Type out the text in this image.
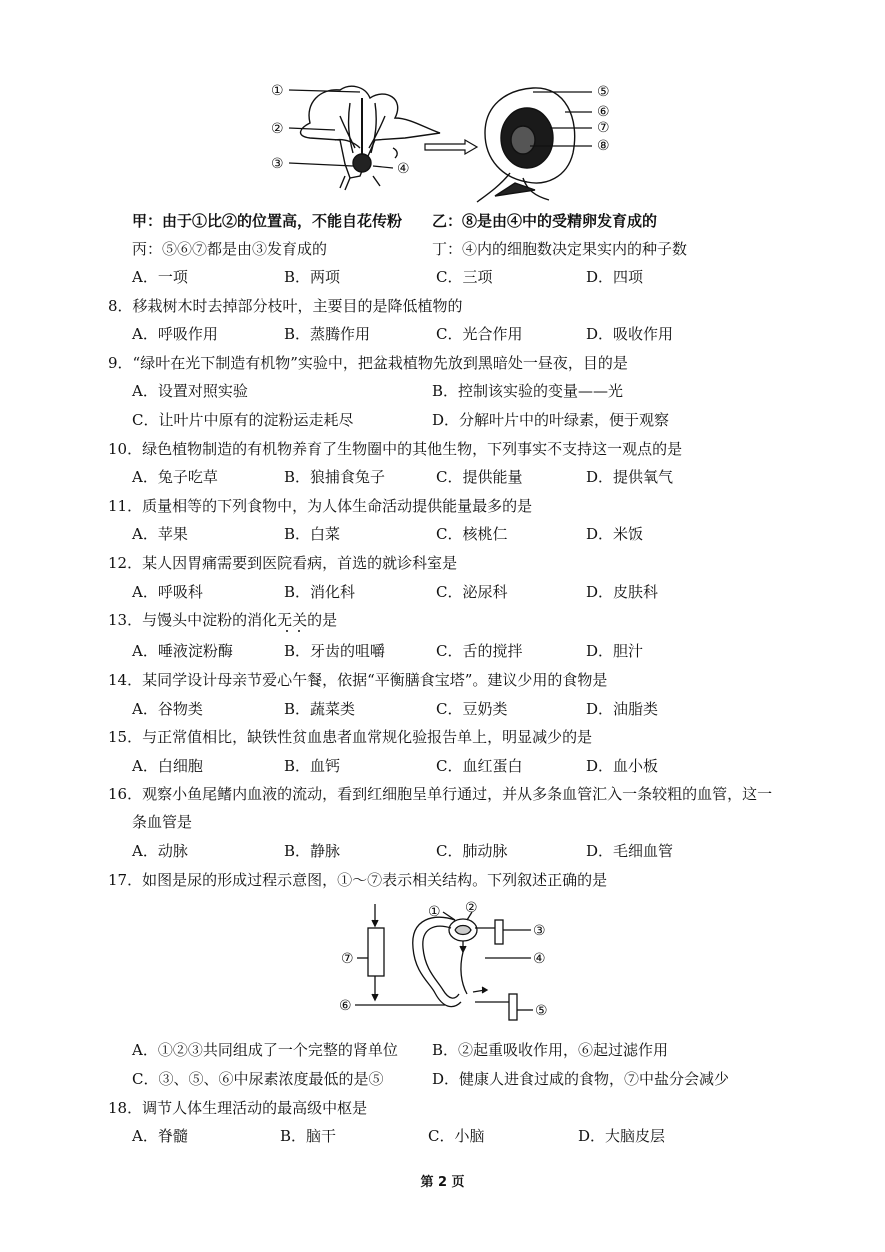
①
②
③	④
⑤
⑥
⑦
⑧
甲：由于①比②的位置高，不能自花传粉 乙：⑧是由④中的受精卵发育成的
丙：⑤⑥⑦都是由③发育成的	丁：④内的细胞数决定果实内的种子数
A．一项	B．两项	C．三项	D．四项
8．移栽树木时去掉部分枝叶，主要目的是降低植物的
A．呼吸作用	B．蒸腾作用	C．光合作用	D．吸收作用
9．“绿叶在光下制造有机物”实验中，把盆栽植物先放到黑暗处一昼夜，目的是
A．设置对照实验	B．控制该实验的变量——光
C．让叶片中原有的淀粉运走耗尽	D．分解叶片中的叶绿素，便于观察
10．绿色植物制造的有机物养育了生物圈中的其他生物，下列事实不支持这一观点的是
A．兔子吃草	B．狼捕食兔子	C．提供能量	D．提供氧气
11．质量相等的下列食物中，为人体生命活动提供能量最多的是
A．苹果	B．白菜	C．核桃仁	D．米饭
12．某人因胃痛需要到医院看病，首选的就诊科室是
A．呼吸科	B．消化科	C．泌尿科	D．皮肤科
13．与馒头中淀粉的消化无关的是
A．唾液淀粉酶	B．牙齿的咀嚼	C．舌的搅拌	D．胆汁
14．某同学设计母亲节爱心午餐，依据“平衡膳食宝塔”。建议少用的食物是
A．谷物类	B．蔬菜类	C．豆奶类	D．油脂类
15．与正常值相比，缺铁性贫血患者血常规化验报告单上，明显减少的是
A．白细胞	B．血钙	C．血红蛋白	D．血小板
16．观察小鱼尾鳍内血液的流动，看到红细胞呈单行通过，并从多条血管汇入一条较粗的血管，这一
条血管是
A．动脉	B．静脉	C．肺动脉	D．毛细血管
17．如图是尿的形成过程示意图，①～⑦表示相关结构。下列叙述正确的是
① ②
③
④
⑤
⑥
⑦
A．①②③共同组成了一个完整的肾单位 B．②起重吸收作用，⑥起过滤作用
C．③、⑤、⑥中尿素浓度最低的是⑤	D．健康人进食过咸的食物，⑦中盐分会减少
18．调节人体生理活动的最高级中枢是
A．脊髓	B．脑干	C．小脑	D．大脑皮层
第 2 页
